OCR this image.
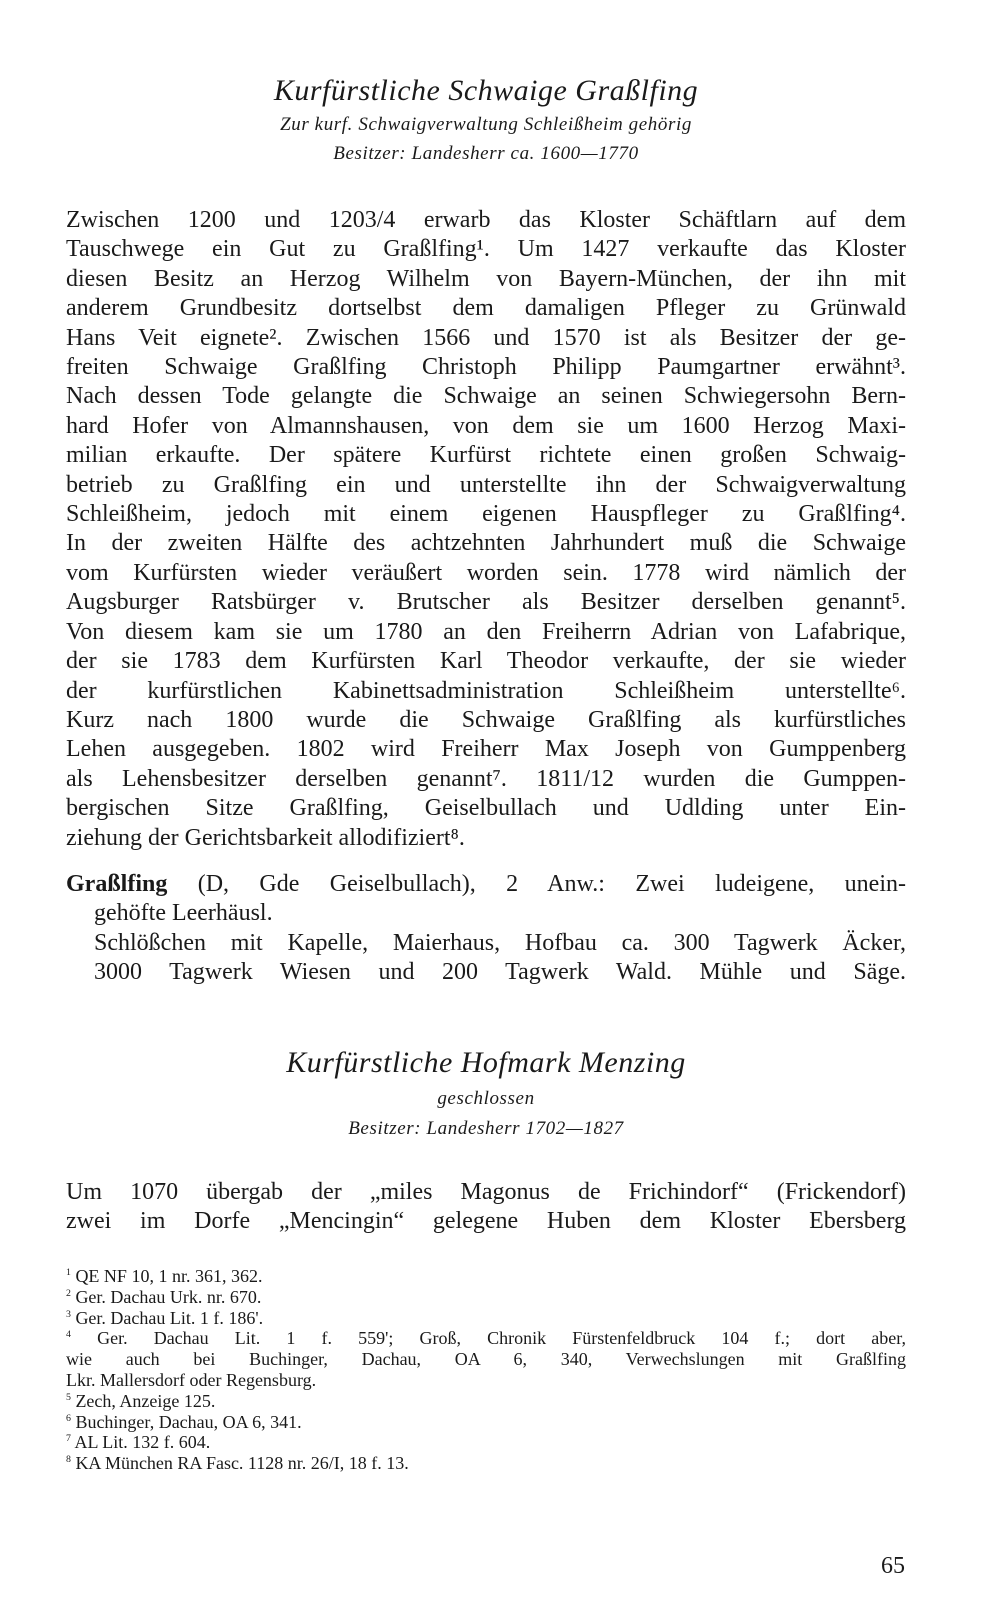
Kurfürstliche Schwaige Graßlfing
Zur kurf. Schwaigverwaltung Schleißheim gehörig
Besitzer: Landesherr ca. 1600—1770
Zwischen 1200 und 1203/4 erwarb das Kloster Schäftlarn auf dem
Tauschwege ein Gut zu Graßlfing¹. Um 1427 verkaufte das Kloster
diesen Besitz an Herzog Wilhelm von Bayern-München, der ihn mit
anderem Grundbesitz dortselbst dem damaligen Pfleger zu Grünwald
Hans Veit eignete². Zwischen 1566 und 1570 ist als Besitzer der ge-
freiten Schwaige Graßlfing Christoph Philipp Paumgartner erwähnt³.
Nach dessen Tode gelangte die Schwaige an seinen Schwiegersohn Bern-
hard Hofer von Almannshausen, von dem sie um 1600 Herzog Maxi-
milian erkaufte. Der spätere Kurfürst richtete einen großen Schwaig-
betrieb zu Graßlfing ein und unterstellte ihn der Schwaigverwaltung
Schleißheim, jedoch mit einem eigenen Hauspfleger zu Graßlfing⁴.
In der zweiten Hälfte des achtzehnten Jahrhundert muß die Schwaige
vom Kurfürsten wieder veräußert worden sein. 1778 wird nämlich der
Augsburger Ratsbürger v. Brutscher als Besitzer derselben genannt⁵.
Von diesem kam sie um 1780 an den Freiherrn Adrian von Lafabrique,
der sie 1783 dem Kurfürsten Karl Theodor verkaufte, der sie wieder
der kurfürstlichen Kabinettsadministration Schleißheim unterstellte⁶.
Kurz nach 1800 wurde die Schwaige Graßlfing als kurfürstliches
Lehen ausgegeben. 1802 wird Freiherr Max Joseph von Gumppenberg
als Lehensbesitzer derselben genannt⁷. 1811/12 wurden die Gumppen-
bergischen Sitze Graßlfing, Geiselbullach und Udlding unter Ein-
ziehung der Gerichtsbarkeit allodifiziert⁸.
Graßlfing (D, Gde Geiselbullach), 2 Anw.: Zwei ludeigene, unein-
gehöfte Leerhäusl.
Schlößchen mit Kapelle, Maierhaus, Hofbau ca. 300 Tagwerk Äcker,
3000 Tagwerk Wiesen und 200 Tagwerk Wald. Mühle und Säge.
Kurfürstliche Hofmark Menzing
geschlossen
Besitzer: Landesherr 1702—1827
Um 1070 übergab der „miles Magonus de Frichindorf“ (Frickendorf)
zwei im Dorfe „Mencingin“ gelegene Huben dem Kloster Ebersberg
$^1$ QE NF 10, 1 nr. 361, 362.
$^2$ Ger. Dachau Urk. nr. 670.
$^3$ Ger. Dachau Lit. 1 f. 186'.
$^4$ Ger. Dachau Lit. 1 f. 559'; Groß, Chronik Fürstenfeldbruck 104 f.; dort aber,
wie auch bei Buchinger, Dachau, OA 6, 340, Verwechslungen mit Graßlfing
Lkr. Mallersdorf oder Regensburg.
$^5$ Zech, Anzeige 125.
$^6$ Buchinger, Dachau, OA 6, 341.
$^7$ AL Lit. 132 f. 604.
$^8$ KA München RA Fasc. 1128 nr. 26/I, 18 f. 13.
65
